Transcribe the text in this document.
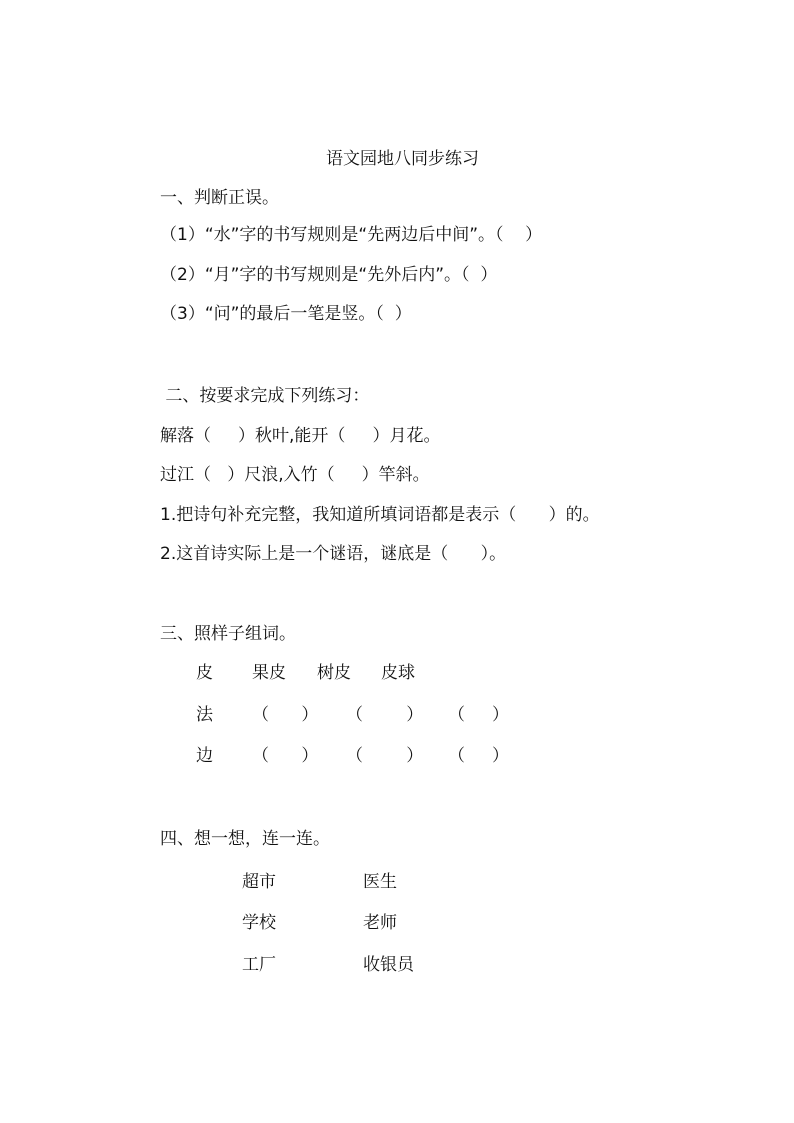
语文园地八同步练习
一、判断正误。
（1）“水”字的书写规则是“先两边后中间”。（    ）
（2）“月”字的书写规则是“先外后内”。（  ）
（3）“问”的最后一笔是竖。（  ）
二、按要求完成下列练习：
解落（     ）秋叶,能开（     ）月花。
过江（   ）尺浪,入竹（     ）竿斜。
1.把诗句补充完整，我知道所填词语都是表示（      ）的。
2.这首诗实际上是一个谜语，谜底是（      ）。
三、照样子组词。
皮 果皮 树皮 皮球
法 （      ） （        ） （     ）
边 （      ） （        ） （     ）
四、想一想，连一连。
超市	医生
学校	老师
工厂	收银员
